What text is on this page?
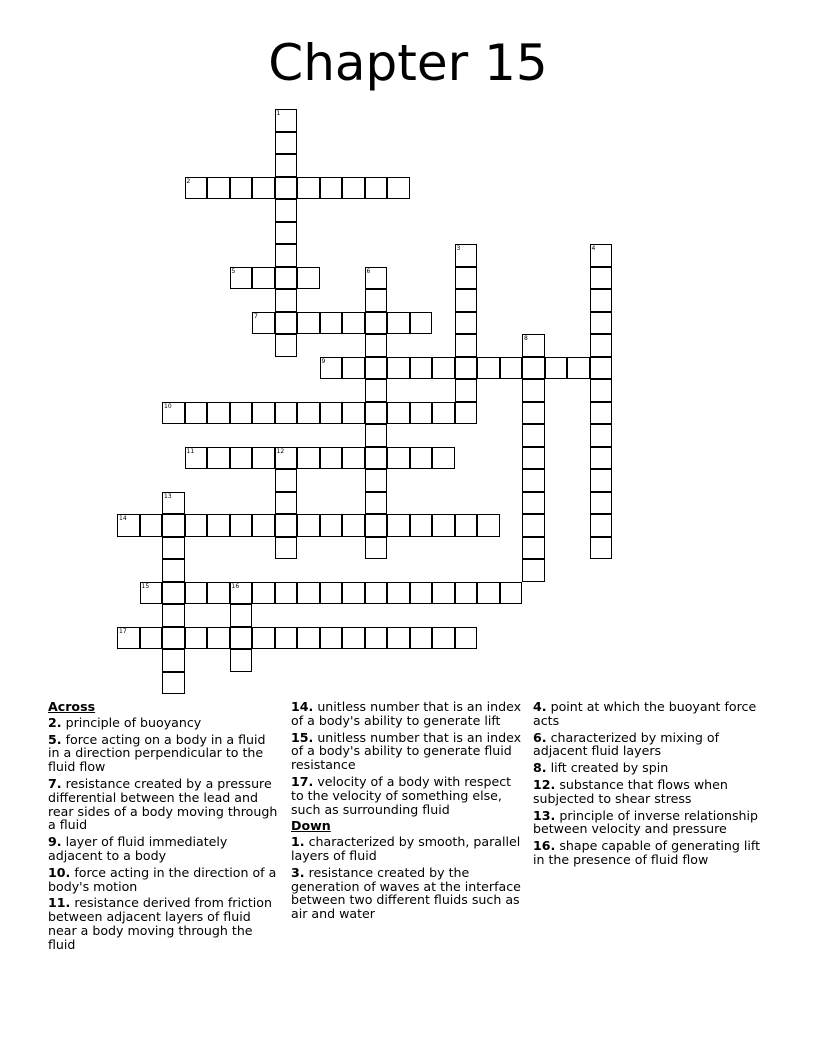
Chapter 15
1
2
3	4
5	6
7
8
9
10
11	12
13
14
15	16
17
Across
2. principle of buoyancy
5. force acting on a body in a fluid in a direction perpendicular to the fluid flow
7. resistance created by a pressure differential between the lead and rear sides of a body moving through a fluid
9. layer of fluid immediately adjacent to a body
10. force acting in the direction of a body's motion
11. resistance derived from friction between adjacent layers of fluid near a body moving through the fluid
14. unitless number that is an index of a body's ability to generate lift
15. unitless number that is an index of a body's ability to generate fluid resistance
17. velocity of a body with respect to the velocity of something else, such as surrounding fluid
Down
1. characterized by smooth, parallel layers of fluid
3. resistance created by the generation of waves at the interface between two different fluids such as air and water
4. point at which the buoyant force acts
6. characterized by mixing of adjacent fluid layers
8. lift created by spin
12. substance that flows when subjected to shear stress
13. principle of inverse relationship between velocity and pressure
16. shape capable of generating lift in the presence of fluid flow
